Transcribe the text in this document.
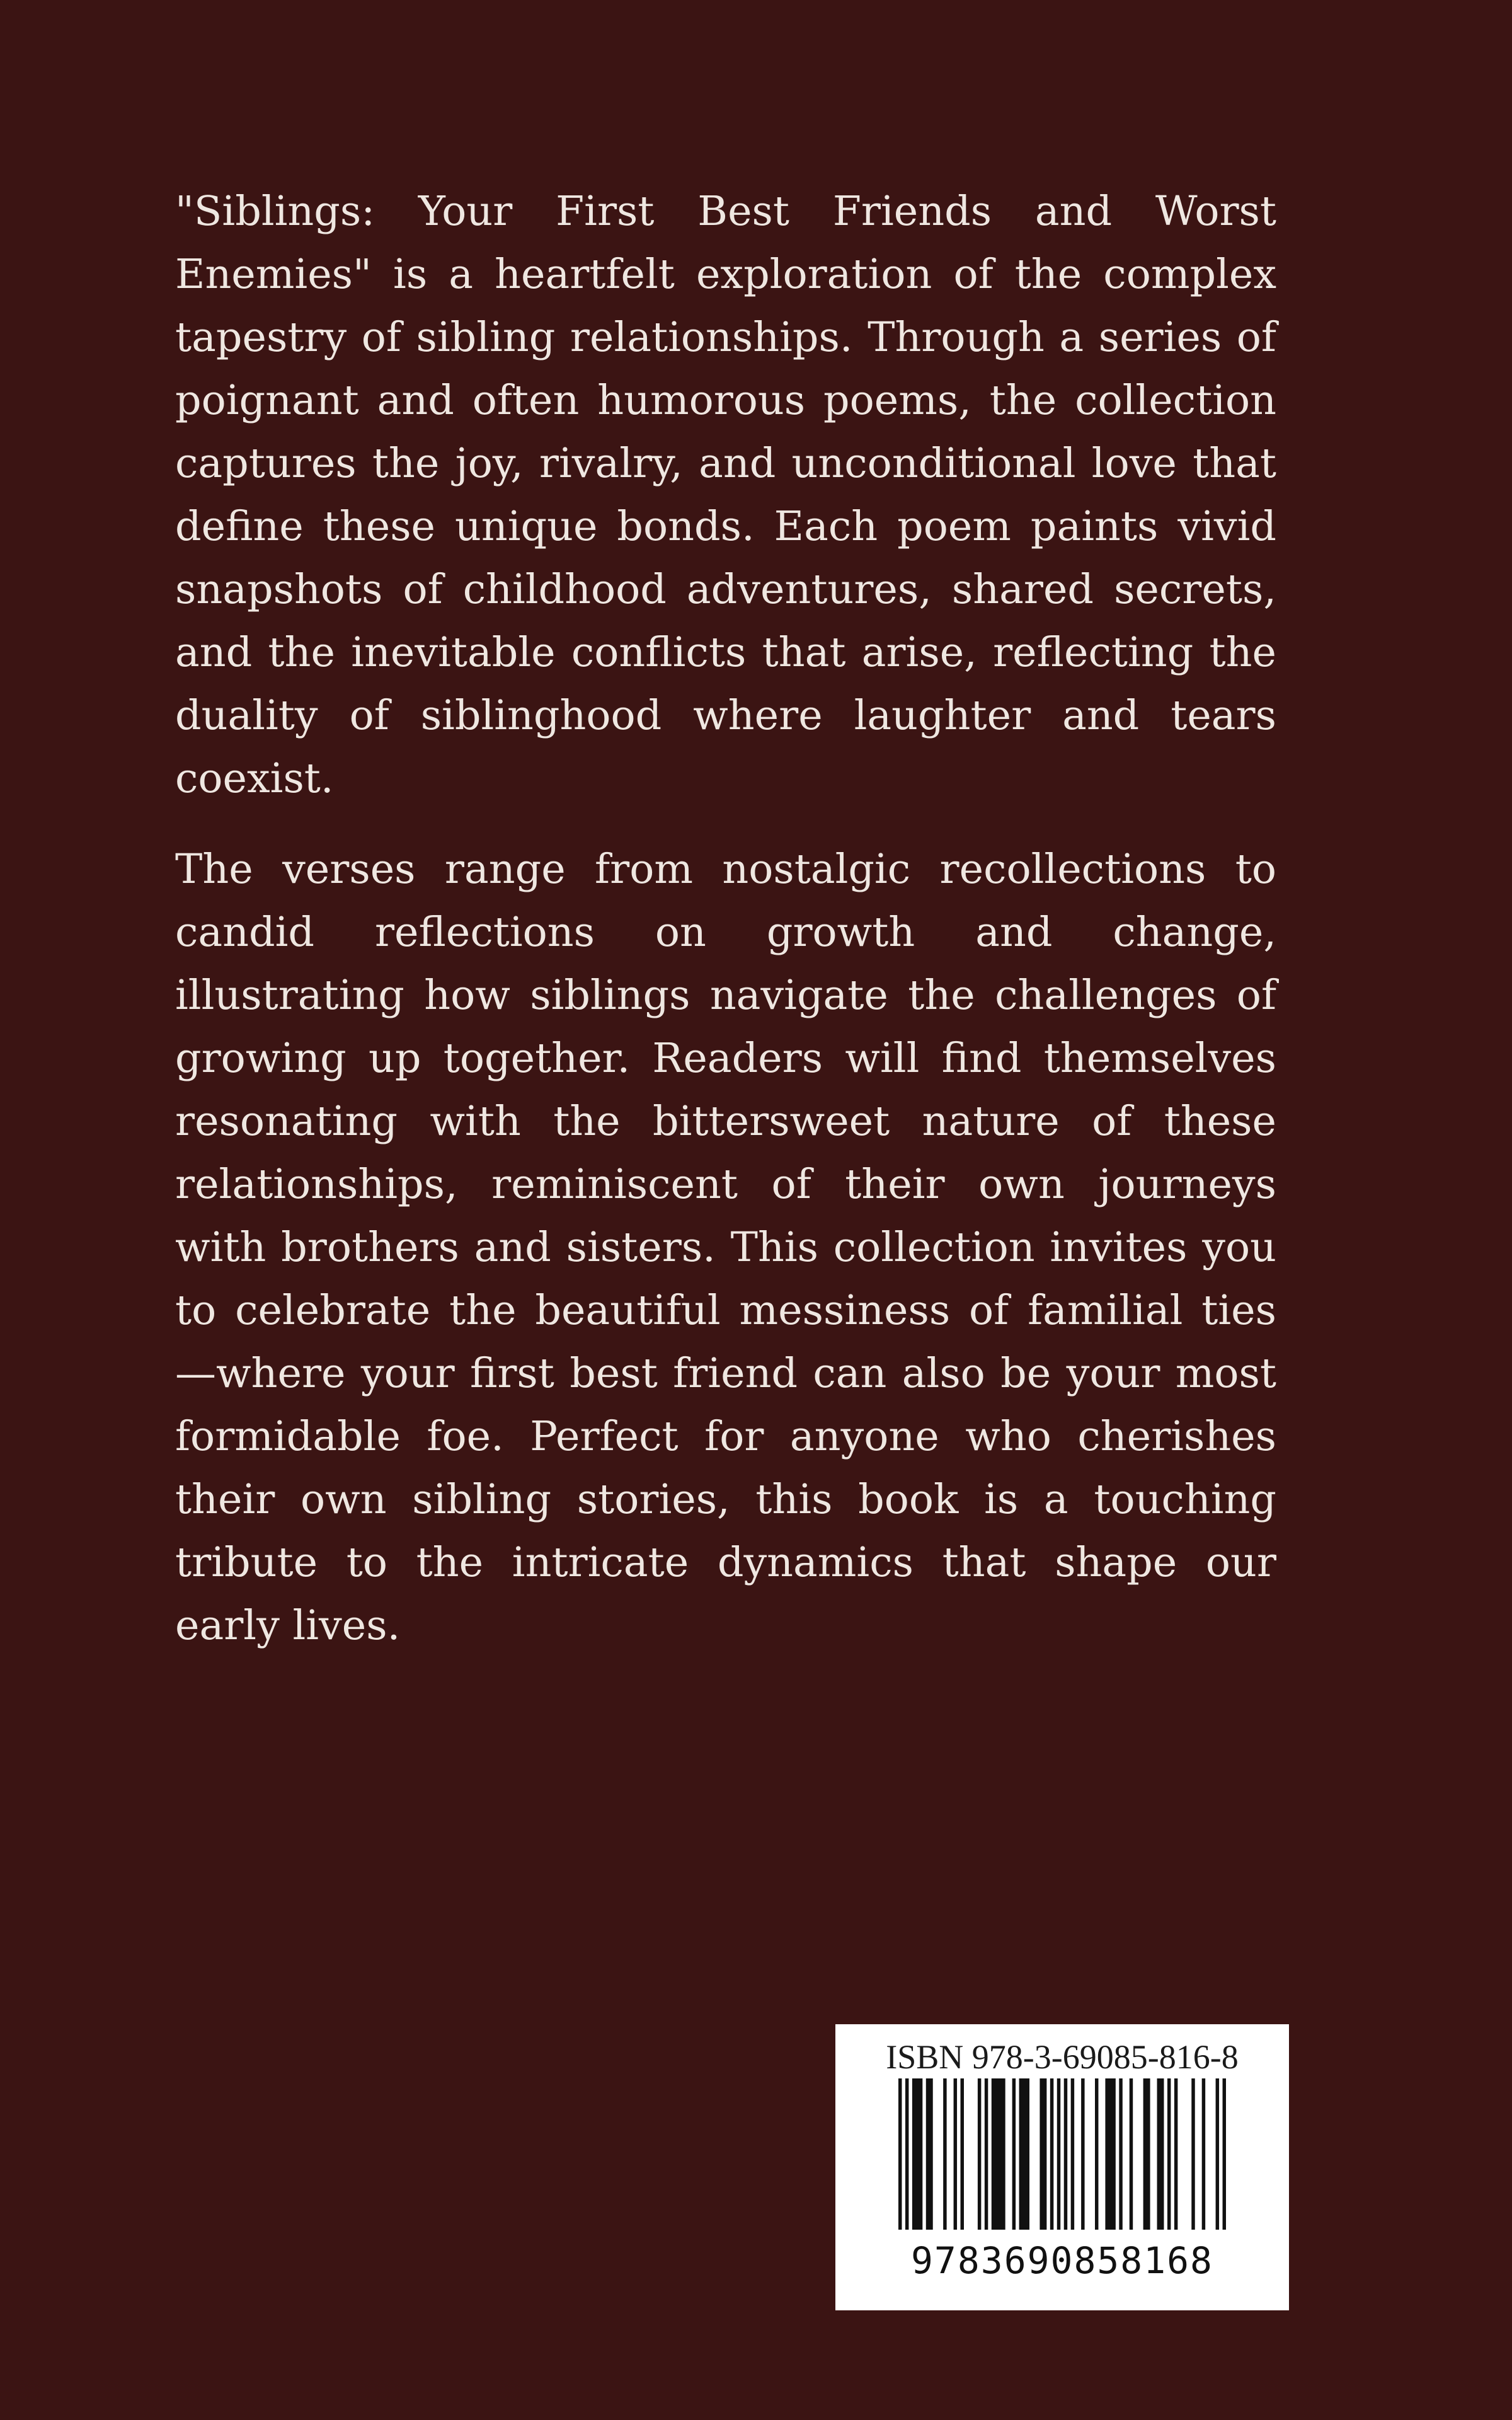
"Siblings: Your First Best Friends and Worst Enemies" is a heartfelt exploration of the complex tapestry of sibling relationships. Through a series of poignant and often humorous poems, the collection captures the joy, rivalry, and unconditional love that define these unique bonds. Each poem paints vivid snapshots of childhood adventures, shared secrets, and the inevitable conflicts that arise, reflecting the duality of siblinghood where laughter and tears coexist.

The verses range from nostalgic recollections to candid reflections on growth and change, illustrating how siblings navigate the challenges of growing up together. Readers will find themselves resonating with the bittersweet nature of these relationships, reminiscent of their own journeys with brothers and sisters. This collection invites you to celebrate the beautiful messiness of familial ties—where your first best friend can also be your most formidable foe. Perfect for anyone who cherishes their own sibling stories, this book is a touching tribute to the intricate dynamics that shape our early lives.

ISBN 978-3-69085-816-8
9783690858168
